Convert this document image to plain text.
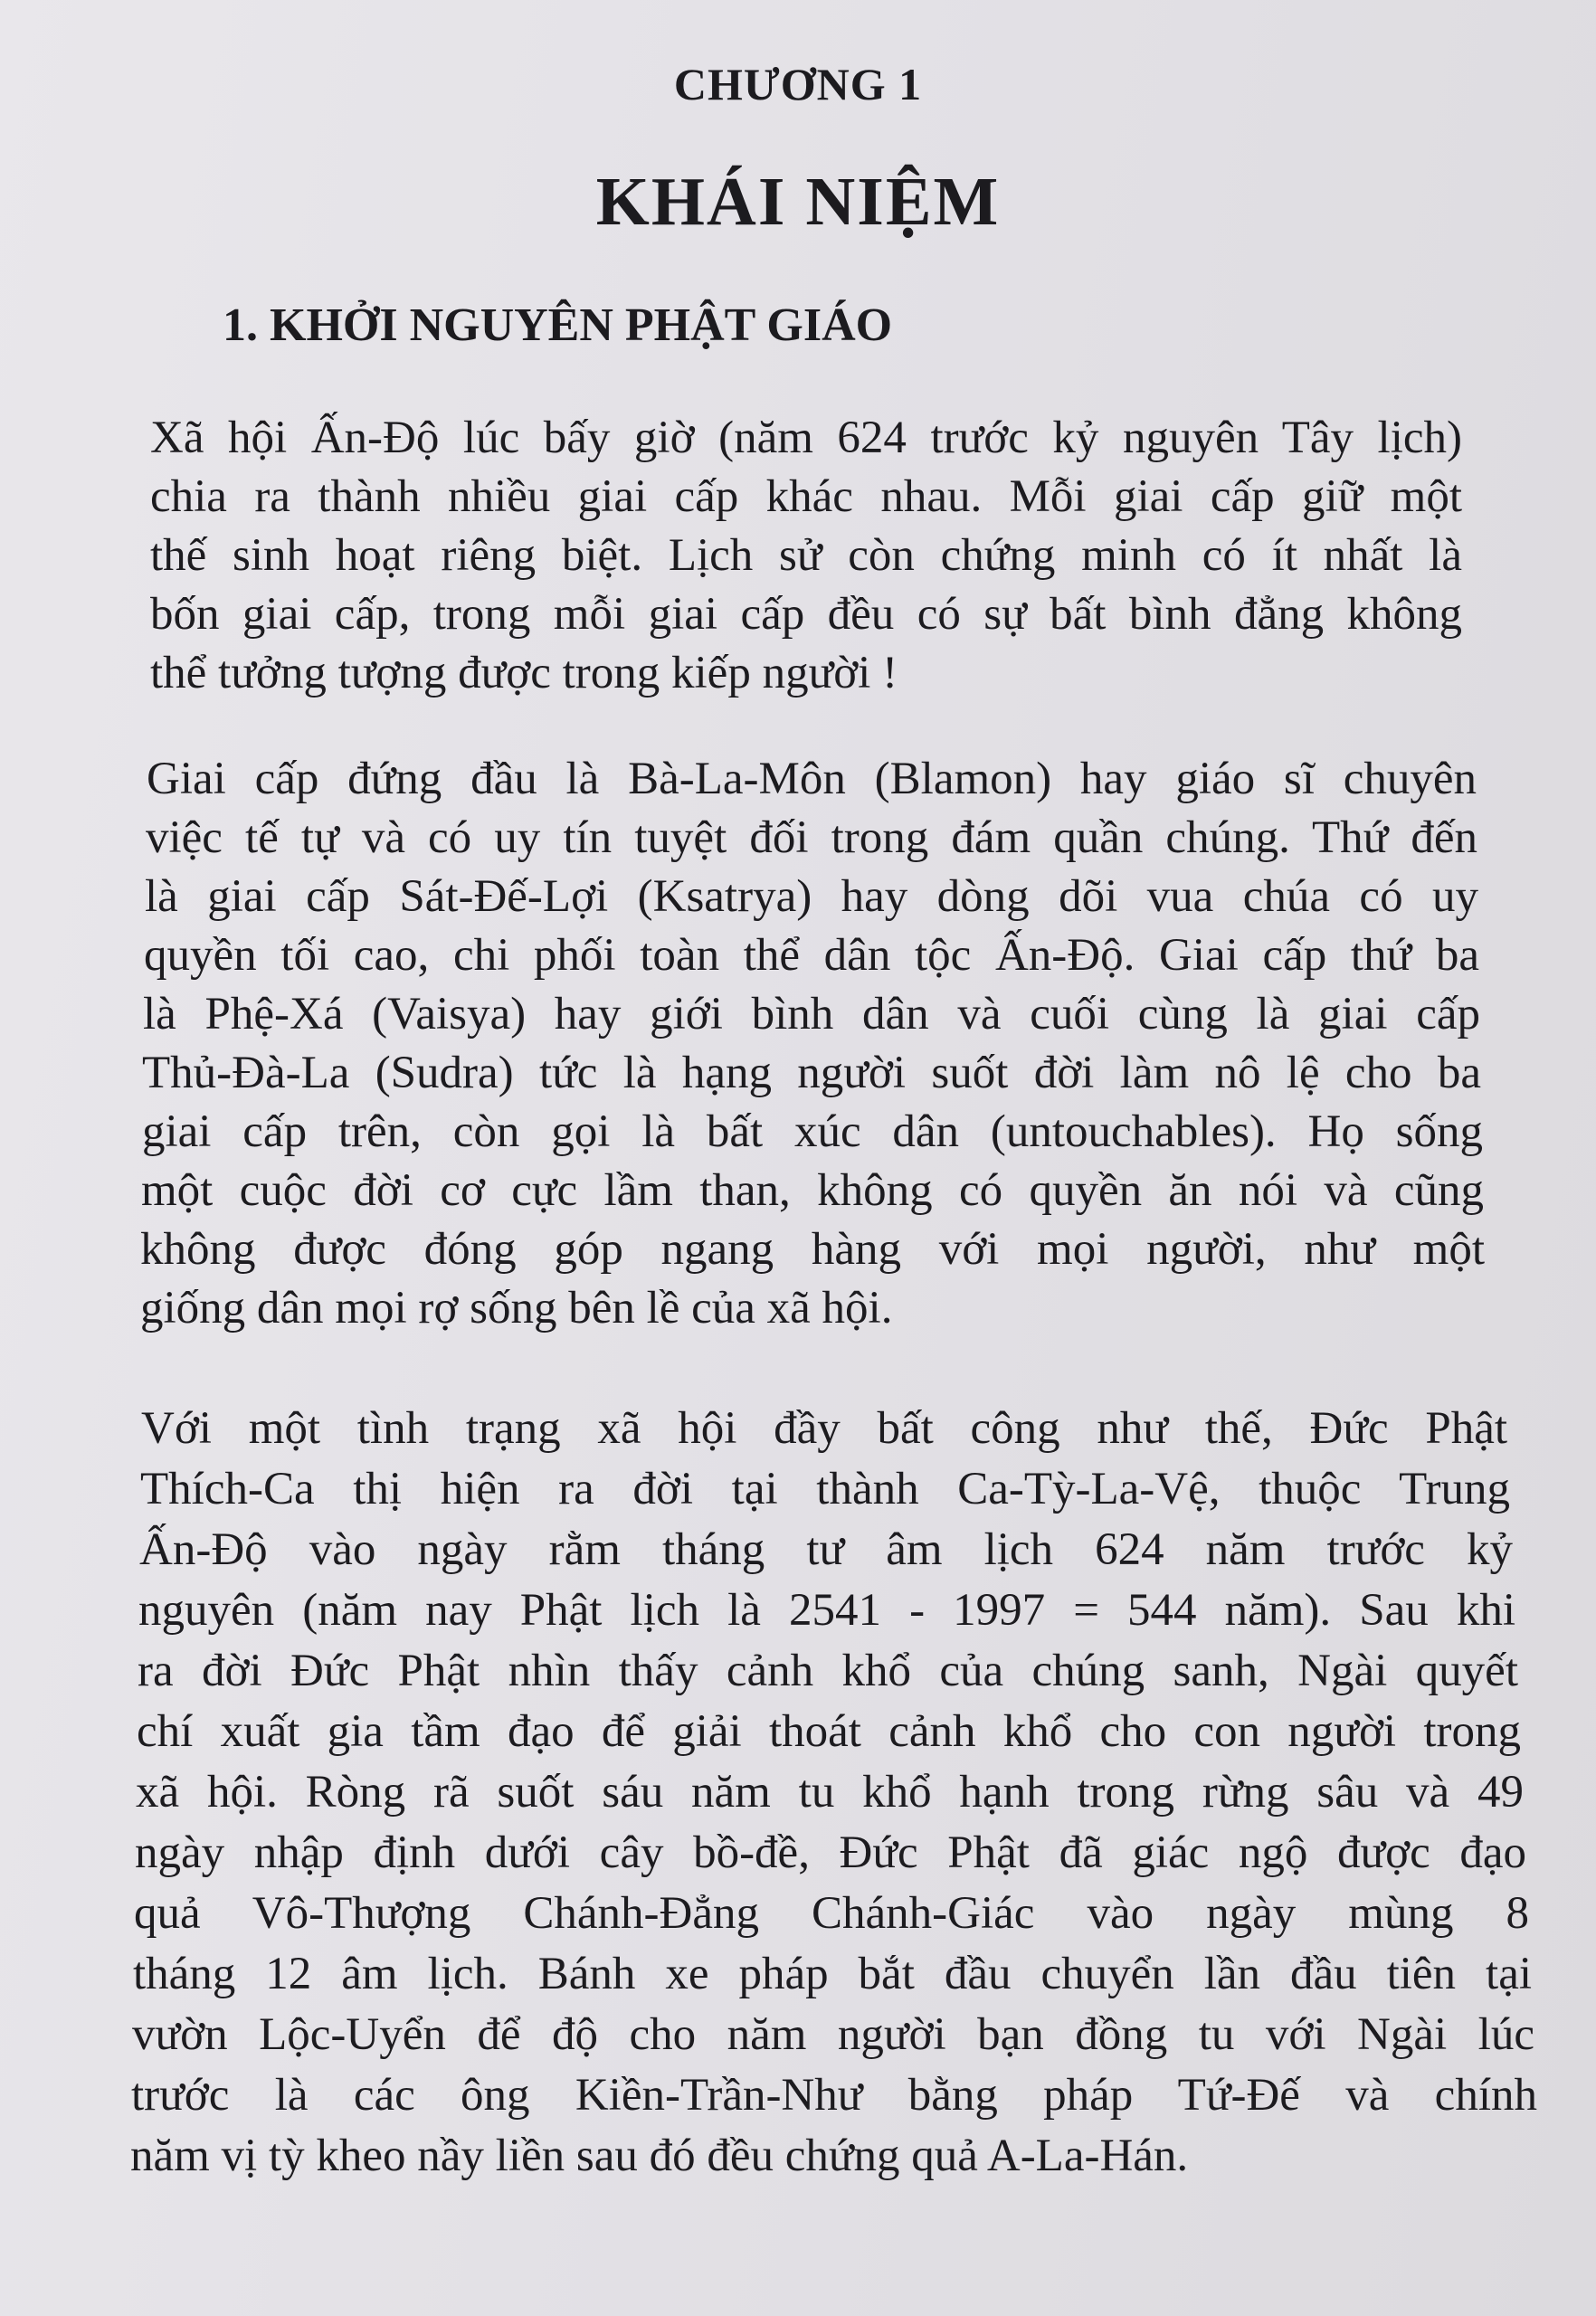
CHƯƠNG 1
KHÁI NIỆM
1. KHỞI NGUYÊN PHẬT GIÁO
Xã hội Ấn-Độ lúc bấy giờ (năm 624 trước kỷ nguyên Tây lịch)
chia ra thành nhiều giai cấp khác nhau. Mỗi giai cấp giữ một
thế sinh hoạt riêng biệt. Lịch sử còn chứng minh có ít nhất là
bốn giai cấp, trong mỗi giai cấp đều có sự bất bình đẳng không
thể tưởng tượng được trong kiếp người !
Giai cấp đứng đầu là Bà-La-Môn (Blamon) hay giáo sĩ chuyên
việc tế tự và có uy tín tuyệt đối trong đám quần chúng. Thứ đến
là giai cấp Sát-Đế-Lợi (Ksatrya) hay dòng dõi vua chúa có uy
quyền tối cao, chi phối toàn thể dân tộc Ấn-Độ. Giai cấp thứ ba
là Phệ-Xá (Vaisya) hay giới bình dân và cuối cùng là giai cấp
Thủ-Đà-La (Sudra) tức là hạng người suốt đời làm nô lệ cho ba
giai cấp trên, còn gọi là bất xúc dân (untouchables). Họ sống
một cuộc đời cơ cực lầm than, không có quyền ăn nói và cũng
không được đóng góp ngang hàng với mọi người, như một
giống dân mọi rợ sống bên lề của xã hội.
Với một tình trạng xã hội đầy bất công như thế, Đức Phật
Thích-Ca thị hiện ra đời tại thành Ca-Tỳ-La-Vệ, thuộc Trung
Ấn-Độ vào ngày rằm tháng tư âm lịch 624 năm trước kỷ
nguyên (năm nay Phật lịch là 2541 - 1997 = 544 năm). Sau khi
ra đời Đức Phật nhìn thấy cảnh khổ của chúng sanh, Ngài quyết
chí xuất gia tầm đạo để giải thoát cảnh khổ cho con người trong
xã hội. Ròng rã suốt sáu năm tu khổ hạnh trong rừng sâu và 49
ngày nhập định dưới cây bồ-đề, Đức Phật đã giác ngộ được đạo
quả Vô-Thượng Chánh-Đẳng Chánh-Giác vào ngày mùng 8
tháng 12 âm lịch. Bánh xe pháp bắt đầu chuyển lần đầu tiên tại
vườn Lộc-Uyển để độ cho năm người bạn đồng tu với Ngài lúc
trước là các ông Kiền-Trần-Như bằng pháp Tứ-Đế và chính
năm vị tỳ kheo nầy liền sau đó đều chứng quả A-La-Hán.
